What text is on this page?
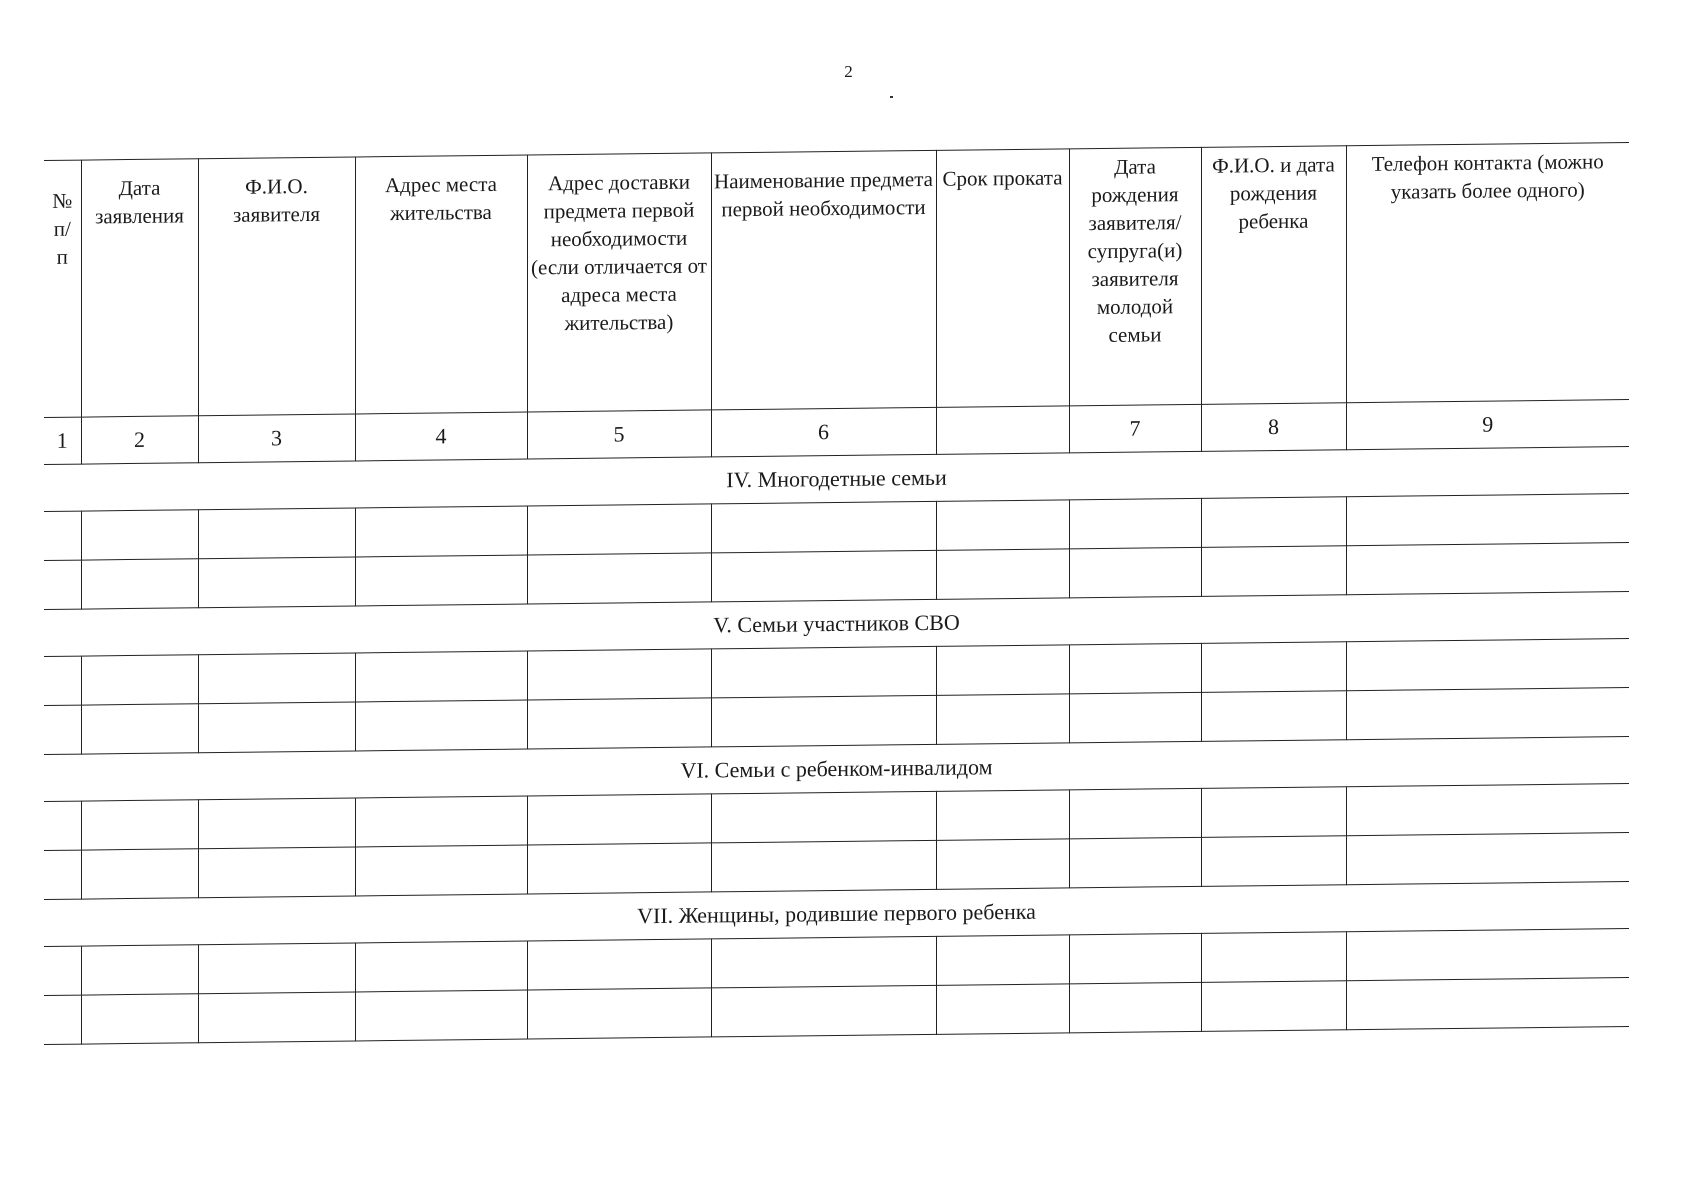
2
№ п/ п	Дата заявления	Ф.И.О. заявителя	Адрес места жительства	Адрес доставки предмета первой необходимости (если отличается от адреса места жительства)	Наименование предмета первой необходимости	Срок проката	Дата рождения заявителя/ супруга(и) заявителя молодой семьи	Ф.И.О. и дата рождения ребенка	Телефон контакта (можно указать более одного)
1	2	3	4	5	6		7	8	9
IV. Многодетные семьи									

V. Семьи участников СВО									

VI. Семьи с ребенком-инвалидом									

VII. Женщины, родившие первого ребенка									
